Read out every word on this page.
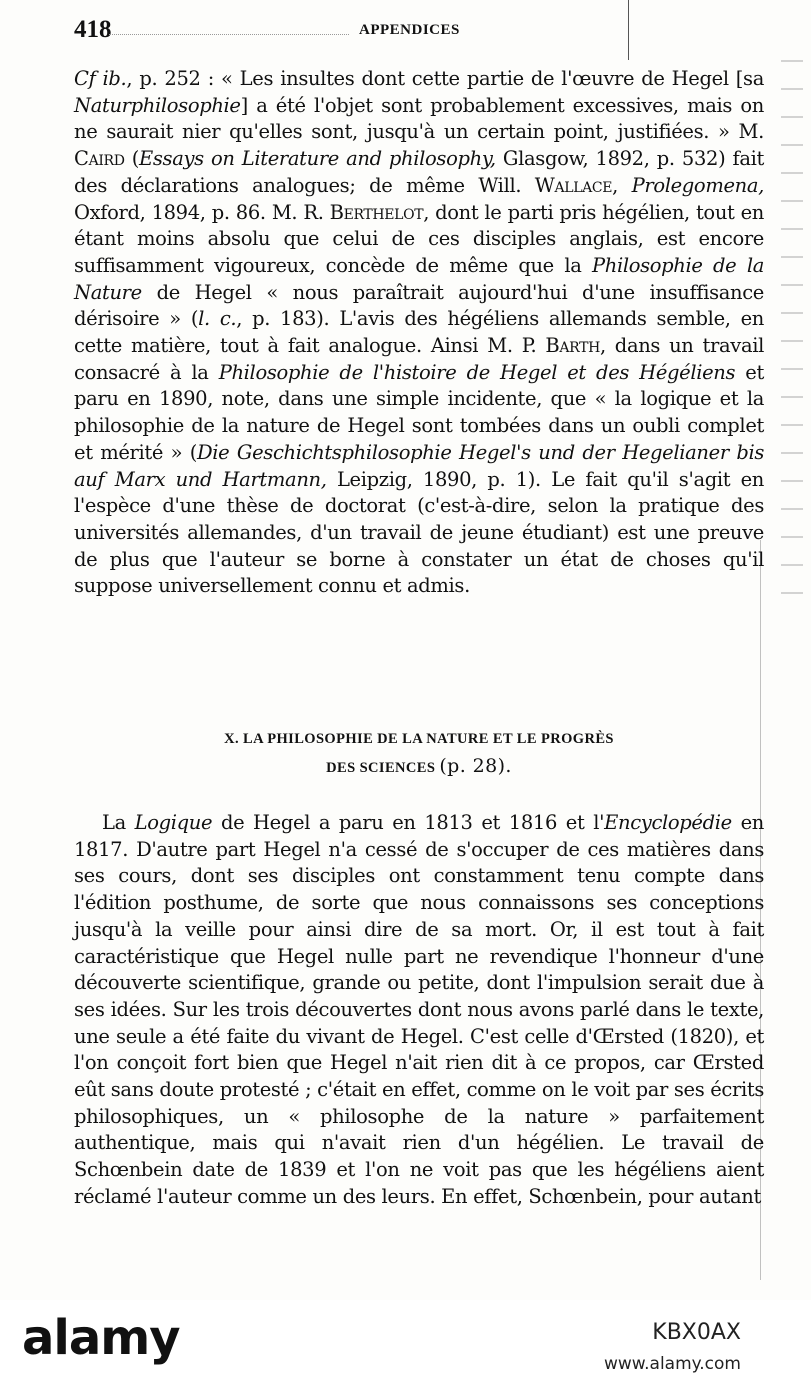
418	APPENDICES

Cf ib., p. 252 : « Les insultes dont cette partie de l'œuvre de Hegel [sa Naturphilosophie] a été l'objet sont probablement excessives, mais on ne saurait nier qu'elles sont, jusqu'à un certain point, justifiées. » M. Caird (Essays on Literature and philosophy, Glasgow, 1892, p. 532) fait des déclarations analogues; de même Will. Wallace, Prolegomena, Oxford, 1894, p. 86. M. R. Berthelot, dont le parti pris hégélien, tout en étant moins absolu que celui de ces disciples anglais, est encore suffisamment vigoureux, concède de même que la Philosophie de la Nature de Hegel « nous paraîtrait aujourd'hui d'une insuffisance dérisoire » (l. c., p. 183). L'avis des hégéliens allemands semble, en cette matière, tout à fait analogue. Ainsi M. P. Barth, dans un travail consacré à la Philosophie de l'histoire de Hegel et des Hégéliens et paru en 1890, note, dans une simple incidente, que « la logique et la philosophie de la nature de Hegel sont tombées dans un oubli complet et mérité » (Die Geschichtsphilosophie Hegel's und der Hegelianer bis auf Marx und Hartmann, Leipzig, 1890, p. 1). Le fait qu'il s'agit en l'espèce d'une thèse de doctorat (c'est-à-dire, selon la pratique des universités allemandes, d'un travail de jeune étudiant) est une preuve de plus que l'auteur se borne à constater un état de choses qu'il suppose universellement connu et admis.

X. LA PHILOSOPHIE DE LA NATURE ET LE PROGRÈS
DES SCIENCES (p. 28).

La Logique de Hegel a paru en 1813 et 1816 et l'Encyclopédie en 1817. D'autre part Hegel n'a cessé de s'occuper de ces matières dans ses cours, dont ses disciples ont constamment tenu compte dans l'édition posthume, de sorte que nous connaissons ses conceptions jusqu'à la veille pour ainsi dire de sa mort. Or, il est tout à fait caractéristique que Hegel nulle part ne revendique l'honneur d'une découverte scientifique, grande ou petite, dont l'impulsion serait due à ses idées. Sur les trois découvertes dont nous avons parlé dans le texte, une seule a été faite du vivant de Hegel. C'est celle d'Œrsted (1820), et l'on conçoit fort bien que Hegel n'ait rien dit à ce propos, car Œrsted eût sans doute protesté ; c'était en effet, comme on le voit par ses écrits philosophiques, un « philosophe de la nature » parfaitement authentique, mais qui n'avait rien d'un hégélien. Le travail de Schœnbein date de 1839 et l'on ne voit pas que les hégéliens aient réclamé l'auteur comme un des leurs. En effet, Schœnbein, pour autant

alamy	KBX0AX
www.alamy.com
